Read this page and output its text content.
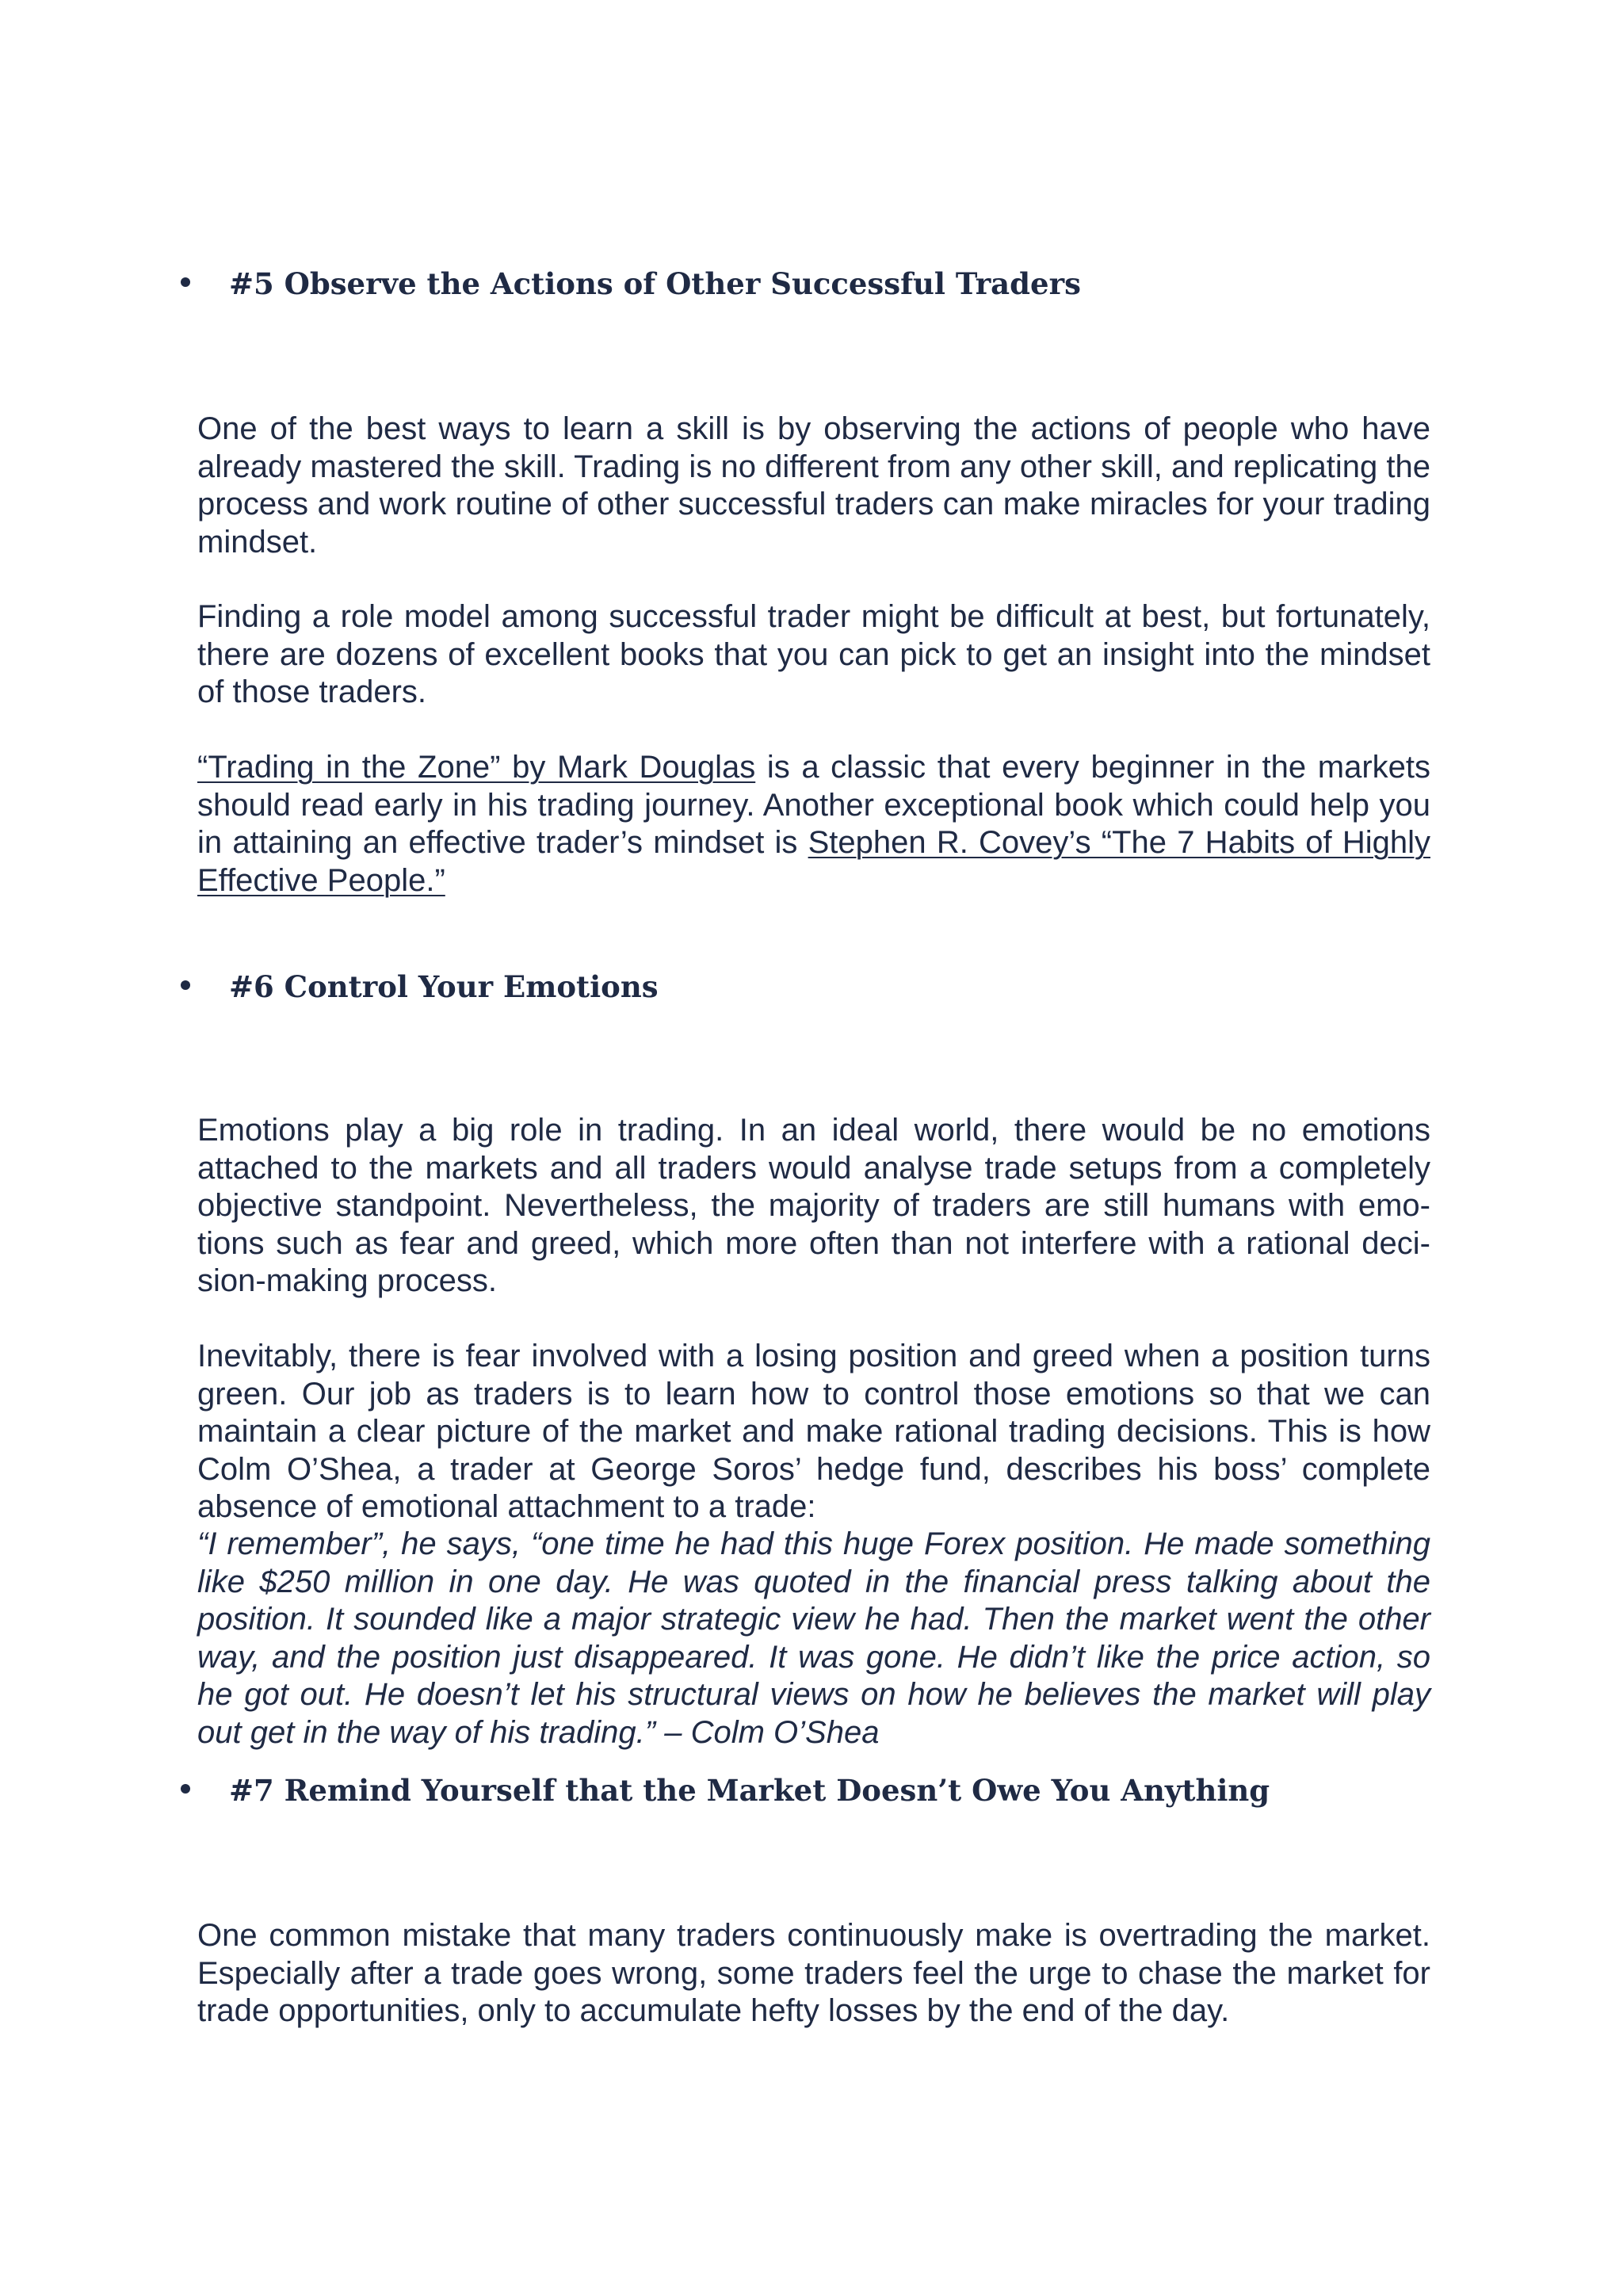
#5 Observe the Actions of Other Successful Traders

One of the best ways to learn a skill is by observing the actions of people who have already mastered the skill. Trading is no different from any other skill, and replicating the process and work routine of other successful traders can make miracles for your trading mindset.

Finding a role model among successful trader might be difficult at best, but fortunately, there are dozens of excellent books that you can pick to get an insight into the mindset of those traders.

“Trading in the Zone” by Mark Douglas is a classic that every beginner in the markets should read early in his trading journey. Another exceptional book which could help you in attaining an effective trader’s mindset is Stephen R. Covey’s “The 7 Habits of Highly Effective People.”

#6 Control Your Emotions

Emotions play a big role in trading. In an ideal world, there would be no emotions attached to the markets and all traders would analyse trade setups from a completely objective standpoint. Nevertheless, the majority of traders are still humans with emotions such as fear and greed, which more often than not interfere with a rational decision-making process.

Inevitably, there is fear involved with a losing position and greed when a position turns green. Our job as traders is to learn how to control those emotions so that we can maintain a clear picture of the market and make rational trading decisions. This is how Colm O’Shea, a trader at George Soros’ hedge fund, describes his boss’ complete absence of emotional attachment to a trade:

“I remember”, he says, “one time he had this huge Forex position. He made something like $250 million in one day. He was quoted in the financial press talking about the position. It sounded like a major strategic view he had. Then the market went the other way, and the position just disappeared. It was gone. He didn’t like the price action, so he got out. He doesn’t let his structural views on how he believes the market will play out get in the way of his trading.” – Colm O’Shea

#7 Remind Yourself that the Market Doesn’t Owe You Anything

One common mistake that many traders continuously make is overtrading the market. Especially after a trade goes wrong, some traders feel the urge to chase the market for trade opportunities, only to accumulate hefty losses by the end of the day.
